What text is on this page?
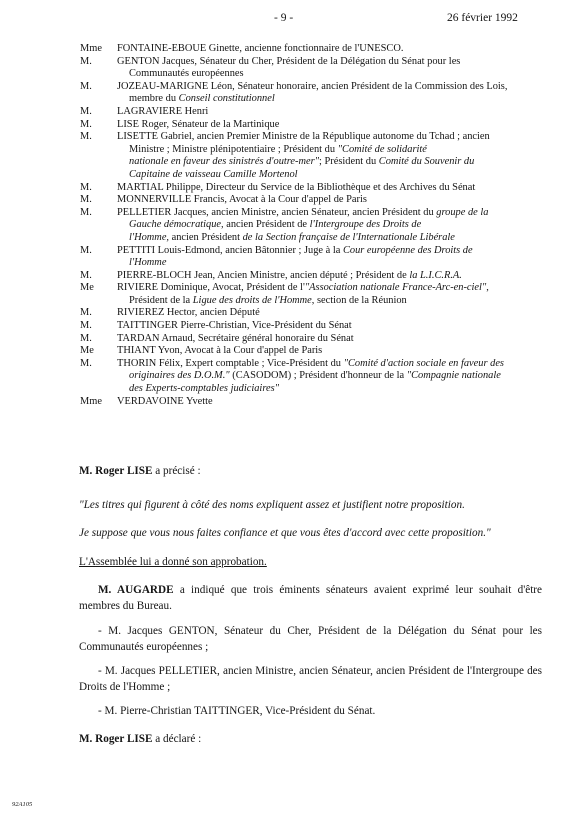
- 9 -	26 février 1992
Mme	FONTAINE-EBOUE Ginette, ancienne fonctionnaire de l'UNESCO.
M.	GENTON Jacques, Sénateur du Cher, Président de la Délégation du Sénat pour les
Communautés européennes
M.	JOZEAU-MARIGNE Léon, Sénateur honoraire, ancien Président de la Commission des Lois,
membre du Conseil constitutionnel
M.	LAGRAVIERE Henri
M.	LISE Roger, Sénateur de la Martinique
M.	LISETTE Gabriel, ancien Premier Ministre de la République autonome du Tchad ; ancien
Ministre ; Ministre plénipotentiaire ; Président du "Comité de solidarité
nationale en faveur des sinistrés d'outre-mer"; Président du Comité du Souvenir du
Capitaine de vaisseau Camille Mortenol
M.	MARTIAL Philippe, Directeur du Service de la Bibliothèque et des Archives du Sénat
M.	MONNERVILLE Francis, Avocat à la Cour d'appel de Paris
M.	PELLETIER Jacques, ancien Ministre, ancien Sénateur, ancien Président du groupe de la
Gauche démocratique, ancien Président de l'Intergroupe des Droits de
l'Homme, ancien Président de la Section française de l'Internationale Libérale
M.	PETTITI Louis-Edmond, ancien Bâtonnier ; Juge à la Cour européenne des Droits de
l'Homme
M.	PIERRE-BLOCH Jean, Ancien Ministre, ancien député ; Président de la L.I.C.R.A.
Me	RIVIERE Dominique, Avocat, Président de l'"Association nationale France-Arc-en-ciel",
Président de la Ligue des droits de l'Homme, section de la Réunion
M.	RIVIEREZ Hector, ancien Député
M.	TAITTINGER Pierre-Christian, Vice-Président du Sénat
M.	TARDAN Arnaud, Secrétaire général honoraire du Sénat
Me	THIANT Yvon, Avocat à la Cour d'appel de Paris
M.	THORIN Félix, Expert comptable ; Vice-Président du "Comité d'action sociale en faveur des
originaires des D.O.M." (CASODOM) ; Président d'honneur de la "Compagnie nationale
des Experts-comptables judiciaires"
Mme	VERDAVOINE Yvette

M. Roger LISE a précisé :

"Les titres qui figurent à côté des noms expliquent assez et justifient notre proposition.

Je suppose que vous nous faites confiance et que vous êtes d'accord avec cette proposition."

L'Assemblée lui a donné son approbation.

M. AUGARDE a indiqué que trois éminents sénateurs avaient exprimé leur souhait d'être membres du Bureau.

- M. Jacques GENTON, Sénateur du Cher, Président de la Délégation du Sénat pour les Communautés européennes ;

- M. Jacques PELLETIER, ancien Ministre, ancien Sénateur, ancien Président de l'Intergroupe des Droits de l'Homme ;

- M. Pierre-Christian TAITTINGER, Vice-Président du Sénat.

M. Roger LISE a déclaré :

92A105
